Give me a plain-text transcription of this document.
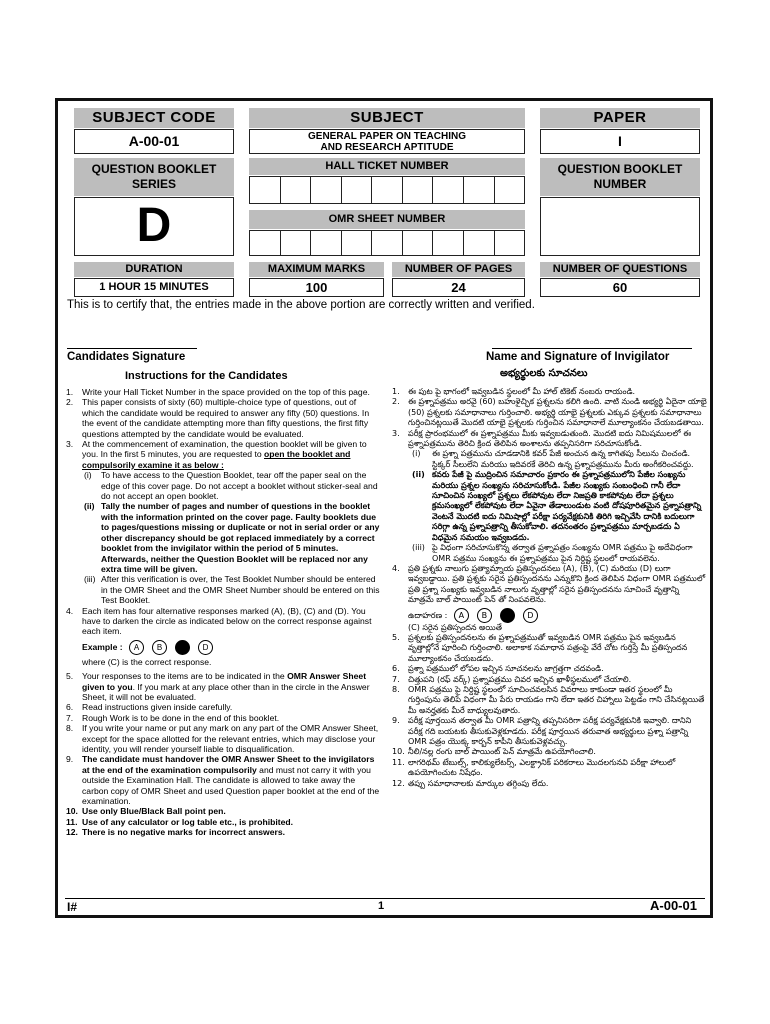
SUBJECT CODE
A-00-01
SUBJECT
GENERAL PAPER ON TEACHING
AND RESEARCH APTITUDE
PAPER
I
QUESTION BOOKLET
SERIES
D
HALL TICKET NUMBER
OMR SHEET NUMBER
QUESTION BOOKLET
NUMBER
DURATION
1 HOUR 15 MINUTES
MAXIMUM MARKS
100
NUMBER OF PAGES
24
NUMBER OF QUESTIONS
60
This is to certify that, the entries made in the above portion are correctly written and verified.
Candidates Signature	Name and Signature of Invigilator
Instructions for the Candidates	అభ్యర్థులకు సూచనలు
1.	Write your Hall Ticket Number in the space provided on the top of this page.
2.	This paper consists of sixty (60) multiple-choice type of questions, out of which the candidate would be required to answer any fifty (50) questions. In the event of the candidate attempting more than fifty questions, the first fifty questions attempted by the candidate would be evaluated.
3.	At the commencement of examination, the question booklet will be given to you. In the first 5 minutes, you are requested to open the booklet and compulsorily examine it as below :
(i)	To have access to the Question Booklet, tear off the paper seal on the edge of this cover page. Do not accept a booklet without sticker-seal and do not accept an open booklet.
(ii) Tally the number of pages and number of questions in the booklet with the information printed on the cover page. Faulty booklets due to pages/questions missing or duplicate or not in serial order or any other discrepancy should be got replaced immediately by a correct booklet from the invigilator within the period of 5 minutes. Afterwards, neither the Question Booklet will be replaced nor any extra time will be given.
(iii) After this verification is over, the Test Booklet Number should be entered in the OMR Sheet and the OMR Sheet Number should be entered on this Test Booklet.
4.	Each item has four alternative responses marked (A), (B), (C) and (D). You have to darken the circle as indicated below on the correct response against each item.
Example : A B C D
where (C) is the correct response.
5.	Your responses to the items are to be indicated in the OMR Answer Sheet given to you. If you mark at any place other than in the circle in the Answer Sheet, it will not be evaluated.
6.	Read instructions given inside carefully.
7.	Rough Work is to be done in the end of this booklet.
8.	If you write your name or put any mark on any part of the OMR Answer Sheet, except for the space allotted for the relevant entries, which may disclose your identity, you will render yourself liable to disqualification.
9.	The candidate must handover the OMR Answer Sheet to the invigilators at the end of the examination compulsorily and must not carry it with you outside the Examination Hall. The candidate is allowed to take away the carbon copy of OMR Sheet and used Question paper booklet at the end of the examination.
10. Use only Blue/Black Ball point pen.
11. Use of any calculator or log table etc., is prohibited.
12. There is no negative marks for incorrect answers.
1.	ఈ పుట పై భాగంలో ఇవ్వబడిన స్థలంలో మీ హాల్ టికెట్ నంబరు రాయండి.
2.	ఈ ప్రశ్నాపత్రము అరవై (60) బహుళైచ్ఛిక ప్రశ్నలను కలిగి ఉంది. వాటి నుండి అభ్యర్థి ఏదైనా యాభై (50) ప్రశ్నలకు సమాధానాలు గుర్తించాలి. అభ్యర్థి యాభై ప్రశ్నలకు ఎక్కువ ప్రశ్నలకు సమాధానాలు గుర్తించినట్లయితే మొదటి యాభై ప్రశ్నలకు గుర్తించిన సమాధానాలే మూల్యాంకనం చేయబడతాయి.
3.	పరీక్ష ప్రారంభములో ఈ ప్రశ్నాపత్రము మీకు ఇవ్వబడుతుంది. మొదటి ఐదు నిమిషములలో ఈ ప్రశ్నాపత్రమును తెరిచి క్రింద తెలిపిన అంశాలను తప్పనిసరిగా సరిచూసుకోండి.
(i)	ఈ ప్రశ్నా పత్రమును చూడడానికి కవర్ పేజీ అంచున ఉన్న కాగితపు సీలును చించండి. స్టిక్కర్ సీలులేని మరియు ఇదివరకే తెరిచి ఉన్న ప్రశ్నాపత్రమును మీరు అంగీకరించవద్దు.
(ii) కవరు పేజీ పై ముద్రించిన సమాచారం ప్రకారం ఈ ప్రశ్నాపత్రములోని పేజీల సంఖ్యను మరియు ప్రశ్నల సంఖ్యను సరిచూసుకోండి. పేజీల సంఖ్యకు సంబంధించి గానీ లేదా సూచించిన సంఖ్యలో ప్రశ్నలు లేకపోవుట లేదా నిజప్రతి కాకపోవుట లేదా ప్రశ్నలు క్రమసంఖ్యలో లేకపోవుట లేదా ఏవైనా తేడాలుండుట వంటి దోషపూరితమైన ప్రశ్నాపత్రాన్ని వెంటనే మొదటి ఐదు నిమిషాల్లో పరీక్షా పర్యవేక్షకునికి తిరిగి ఇచ్చివేసి దానికి బదులుగా సరిగ్గా ఉన్న ప్రశ్నాపత్రాన్ని తీసుకోవాలి. తదనంతరం ప్రశ్నాపత్రము మార్చబడదు ఏ విధమైన సమయం ఇవ్వబడదు.
(iii) పై విధంగా సరిచూసుకొన్న తర్వాత ప్రశ్నాపత్రం సంఖ్యను OMR పత్రము పై అదేవిధంగా OMR పత్రము సంఖ్యను ఈ ప్రశ్నాపత్రము పైన నిర్దిష్ట స్థలంలో రాయవలెను.
4.	ప్రతి ప్రశ్నకు నాలుగు ప్రత్యామ్నాయ ప్రతిస్పందనలు (A), (B), (C) మరియు (D) లుగా ఇవ్వబడ్డాయి. ప్రతి ప్రశ్నకు సరైన ప్రతిస్పందనను ఎన్నుకొని క్రింద తెలిపిన విధంగా OMR పత్రములో ప్రతి ప్రశ్నా సంఖ్యకు ఇవ్వబడిన నాలుగు వృత్తాల్లో సరైన ప్రతిస్పందనను సూచించే వృత్తాన్ని మాత్రమే బాల్ పాయింట్ పెన్ తో నింపవలెను.
ఉదాహరణ : A B C D
(C) సరైన ప్రతిస్పందన అయితే
5.	ప్రశ్నలకు ప్రతిస్పందనలను ఈ ప్రశ్నాపత్రముతో ఇవ్వబడిన OMR పత్రము పైన ఇవ్వబడిన వృత్తాల్లోనే పూరించి గుర్తించాలి. అలాకాక సమాధాన పత్రంపై వేరే చోట గుర్తిస్తే మీ ప్రతిస్పందన మూల్యాంకనం చేయబడదు.
6.	ప్రశ్నా పత్రములో లోపల ఇచ్చిన సూచనలను జాగ్రత్తగా చదవండి.
7.	చిత్తుపని (రఫ్ వర్క్) ప్రశ్నాపత్రము చివర ఇచ్చిన ఖాళీస్థలములో చేయాలి.
8.	OMR పత్రము పై నిర్దిష్ట స్థలంలో సూచించవలసిన వివరాలు కాకుండా ఇతర స్థలంలో మీ గుర్తింపును తెలిపే విధంగా మీ పేరు రాయడం గాని లేదా ఇతర చిహ్నాలు పెట్టడం గాని చేసినట్లయితే మీ అనర్హతకు మీరే బాధ్యులవుతారు.
9.	పరీక్ష పూర్తయిన తర్వాత మీ OMR పత్రాన్ని తప్పనిసరిగా పరీక్ష పర్యవేక్షకునికి ఇవ్వాలి. దానిని పరీక్ష గది బయటకు తీసుకువెళ్లకూడదు. పరీక్ష పూర్తయిన తరువాత అభ్యర్థులు ప్రశ్నా పత్రాన్ని OMR పత్రం యొక్క కార్బన్ కాపీని తీసుకువెళ్లవచ్చు.
10. నీలి/నల్ల రంగు బాల్ పాయింట్ పెన్ మాత్రమే ఉపయోగించాలి.
11. లాగరిథమ్ టేబుల్స్, కాలిక్యులేటర్స్, ఎలక్ట్రానిక్ పరికరాలు మొదలగునవి పరీక్షా హాలులో ఉపయోగించుట నిషేధం.
12. తప్పు సమాధానాలకు మార్కుల తగ్గింపు లేదు.
I#	1	A-00-01
